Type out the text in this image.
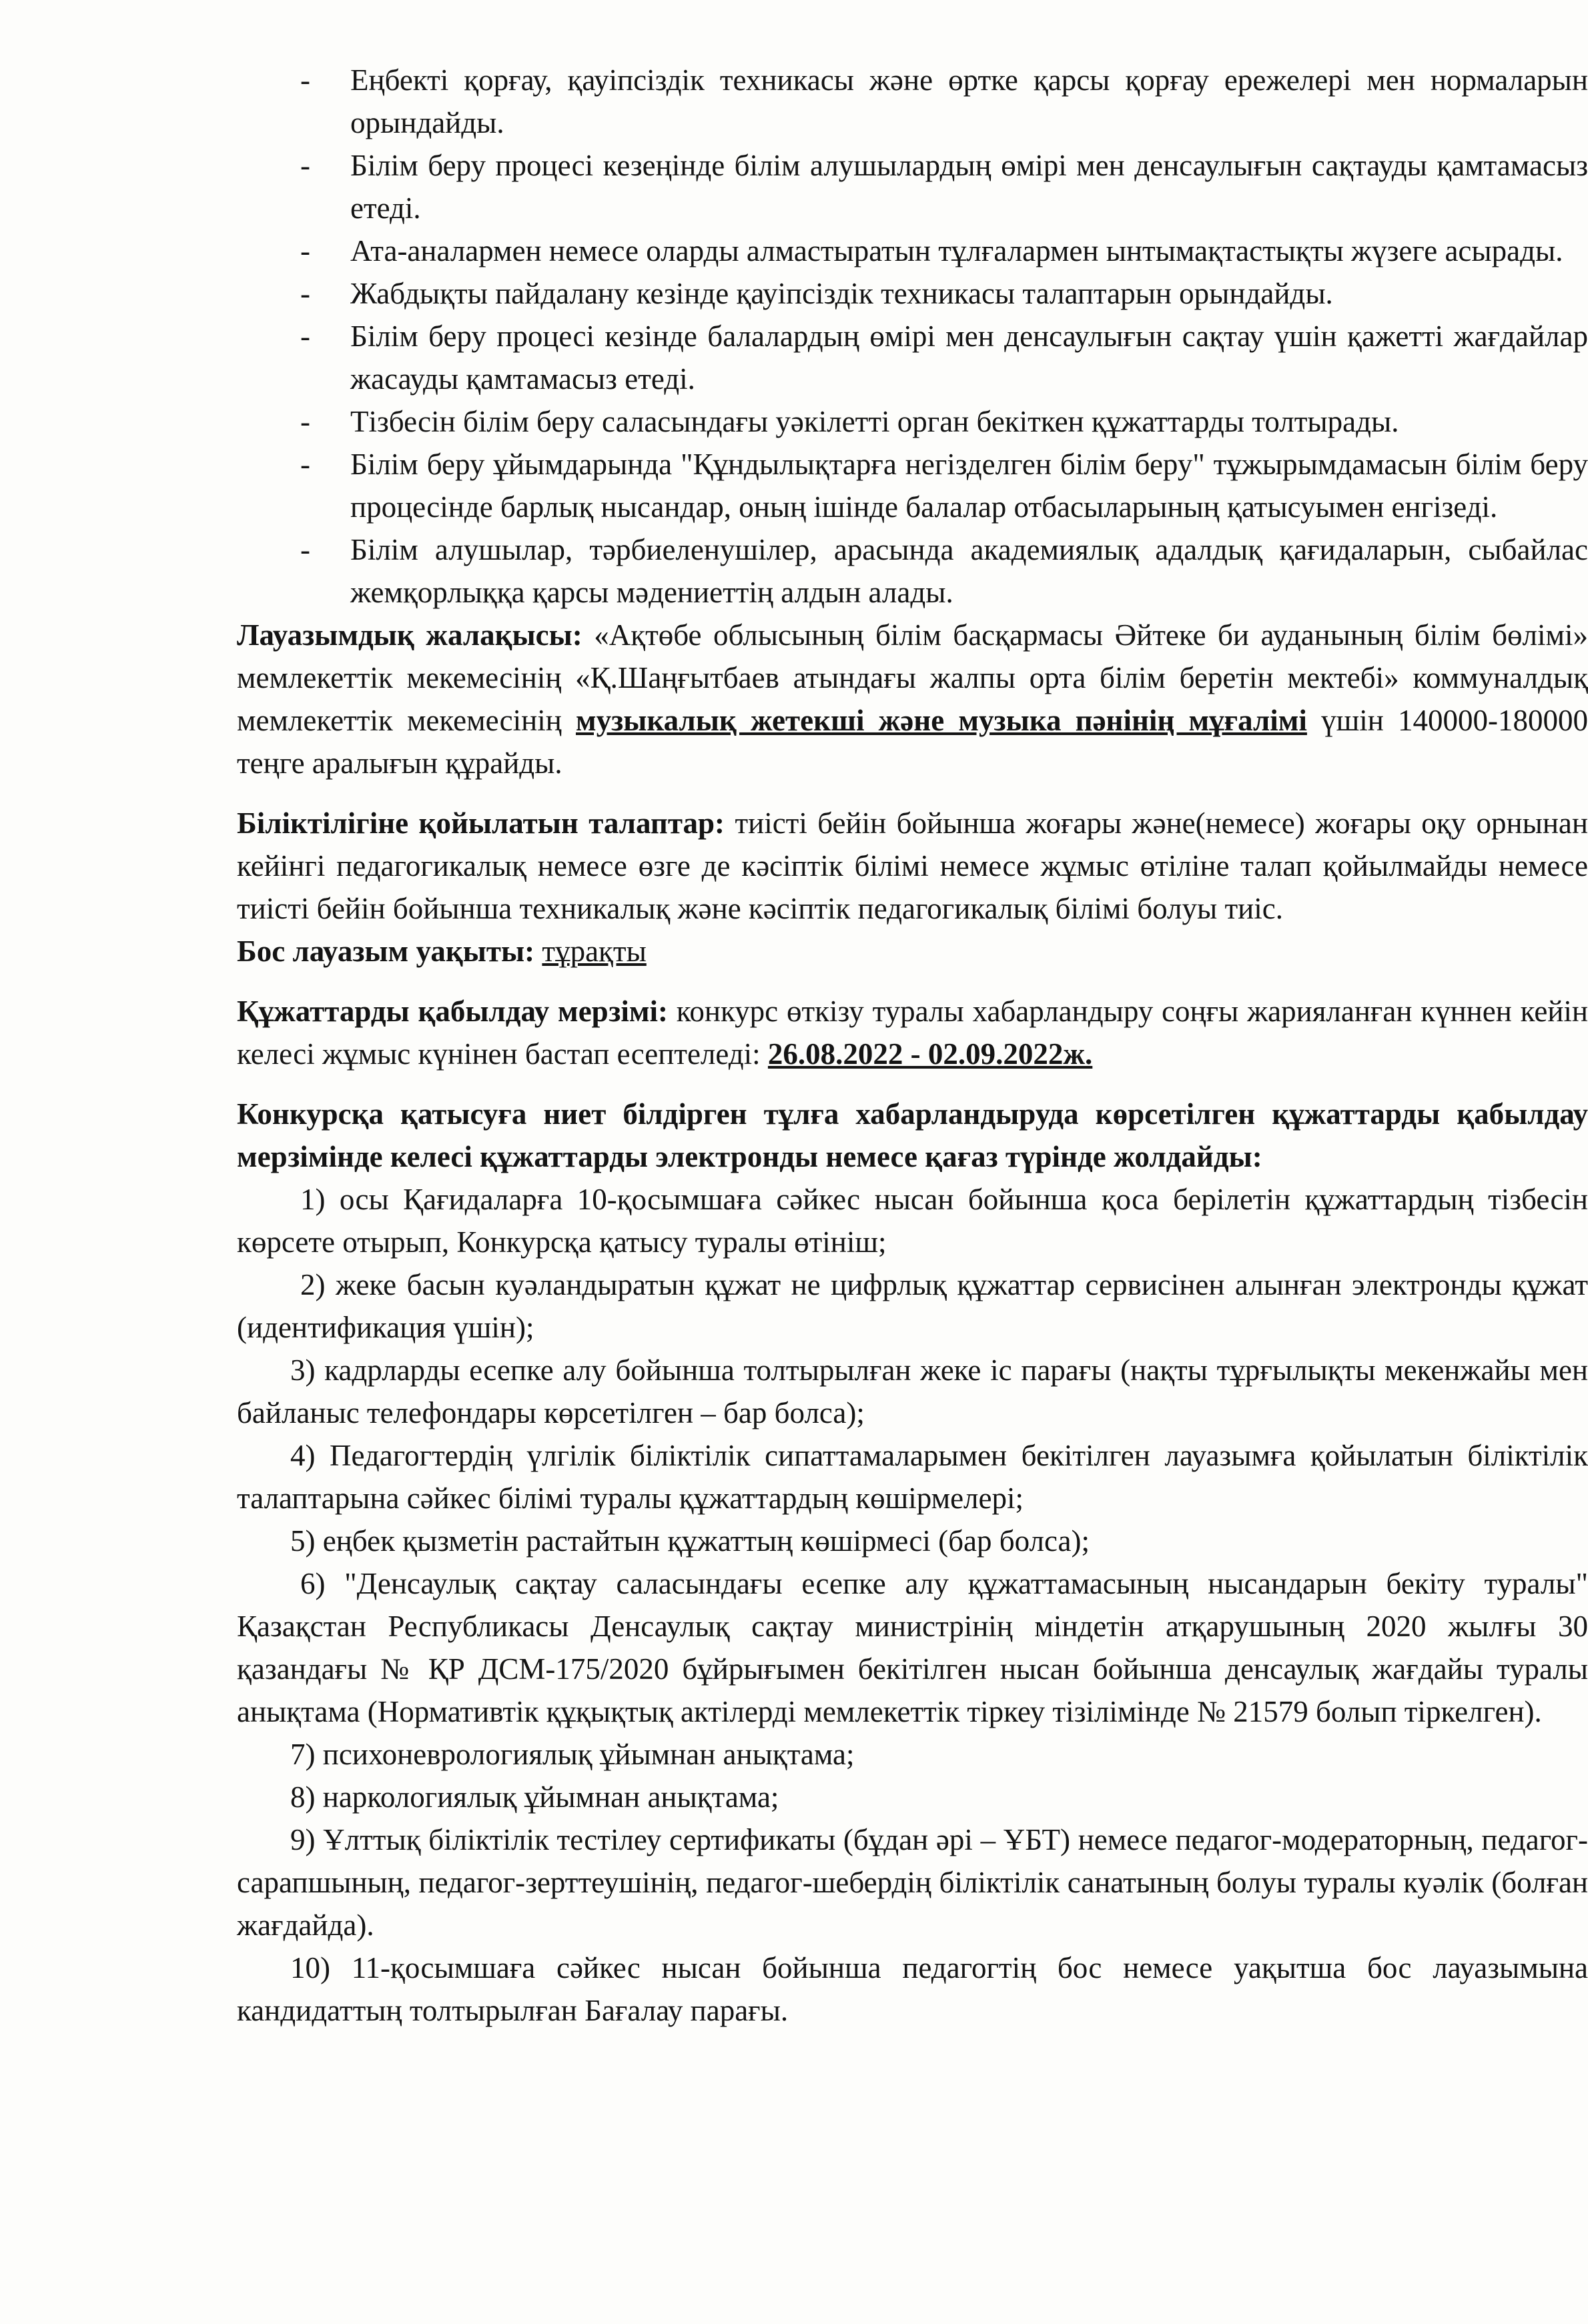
- Еңбекті қорғау, қауіпсіздік техникасы және өртке қарсы қорғау ережелері мен нормаларын орындайды.
- Білім беру процесі кезеңінде білім алушылардың өмірі мен денсаулығын сақтауды қамтамасыз етеді.
- Ата-аналармен немесе оларды алмастыратын тұлғалармен ынтымақтастықты жүзеге асырады.
- Жабдықты пайдалану кезінде қауіпсіздік техникасы талаптарын орындайды.
- Білім беру процесі кезінде балалардың өмірі мен денсаулығын сақтау үшін қажетті жағдайлар жасауды қамтамасыз етеді.
- Тізбесін білім беру саласындағы уәкілетті орган бекіткен құжаттарды толтырады.
- Білім беру ұйымдарында "Құндылықтарға негізделген білім беру" тұжырымдамасын білім беру процесінде барлық нысандар, оның ішінде балалар отбасыларының қатысуымен енгізеді.
- Білім алушылар, тәрбиеленушілер, арасында академиялық адалдық қағидаларын, сыбайлас жемқорлыққа қарсы мәдениеттің алдын алады.

Лауазымдық жалақысы: «Ақтөбе облысының білім басқармасы Әйтеке би ауданының білім бөлімі» мемлекеттік мекемесінің «Қ.Шаңғытбаев атындағы жалпы орта білім беретін мектебі» коммуналдық мемлекеттік мекемесінің музыкалық жетекші және музыка пәнінің мұғалімі үшін 140000-180000 теңге аралығын құрайды.

Біліктілігіне қойылатын талаптар: тиісті бейін бойынша жоғары және(немесе) жоғары оқу орнынан кейінгі педагогикалық немесе өзге де кәсіптік білімі немесе жұмыс өтіліне талап қойылмайды немесе тиісті бейін бойынша техникалық және кәсіптік педагогикалық білімі болуы тиіс.

Бос лауазым уақыты: тұрақты

Құжаттарды қабылдау мерзімі: конкурс өткізу туралы хабарландыру соңғы жарияланған күннен кейін келесі жұмыс күнінен бастап есептеледі: 26.08.2022 - 02.09.2022ж.

Конкурсқа қатысуға ниет білдірген тұлға хабарландыруда көрсетілген құжаттарды қабылдау мерзімінде келесі құжаттарды электронды немесе қағаз түрінде жолдайды:

1) осы Қағидаларға 10-қосымшаға сәйкес нысан бойынша қоса берілетін құжаттардың тізбесін көрсете отырып, Конкурсқа қатысу туралы өтініш;

2) жеке басын куәландыратын құжат не цифрлық құжаттар сервисінен алынған электронды құжат (идентификация үшін);

3) кадрларды есепке алу бойынша толтырылған жеке іс парағы (нақты тұрғылықты мекенжайы мен байланыс телефондары көрсетілген – бар болса);

4) Педагогтердің үлгілік біліктілік сипаттамаларымен бекітілген лауазымға қойылатын біліктілік талаптарына сәйкес білімі туралы құжаттардың көшірмелері;

5) еңбек қызметін растайтын құжаттың көшірмесі (бар болса);

6) "Денсаулық сақтау саласындағы есепке алу құжаттамасының нысандарын бекіту туралы" Қазақстан Республикасы Денсаулық сақтау министрінің міндетін атқарушының 2020 жылғы 30 қазандағы № ҚР ДСМ-175/2020 бұйрығымен бекітілген нысан бойынша денсаулық жағдайы туралы анықтама (Нормативтік құқықтық актілерді мемлекеттік тіркеу тізілімінде № 21579 болып тіркелген).

7) психоневрологиялық ұйымнан анықтама;

8) наркологиялық ұйымнан анықтама;

9) Ұлттық біліктілік тестілеу сертификаты (бұдан әрі – ҰБТ) немесе педагог-модераторның, педагог-сарапшының, педагог-зерттеушінің, педагог-шебердің біліктілік санатының болуы туралы куәлік (болған жағдайда).

10) 11-қосымшаға сәйкес нысан бойынша педагогтің бос немесе уақытша бос лауазымына кандидаттың толтырылған Бағалау парағы.
